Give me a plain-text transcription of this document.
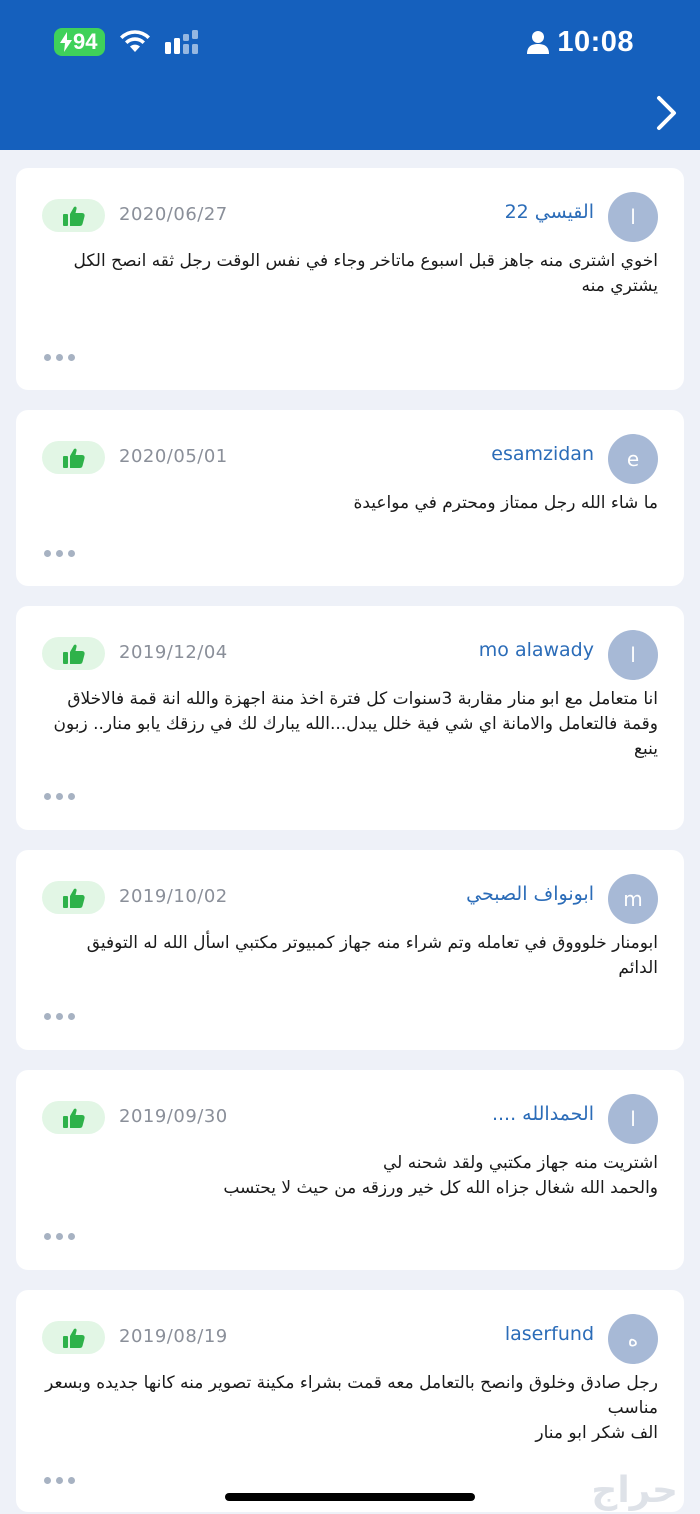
94	10:08
l
القيسي 22
2020/06/27
اخوي اشترى منه جاهز قبل اسبوع ماتاخر وجاء في نفس الوقت رجل ثقه انصح الكل يشتري منه
e
esamzidan
2020/05/01
ما شاء الله رجل ممتاز ومحترم في مواعيدة
l
mo alawady
2019/12/04
انا متعامل مع ابو منار مقاربة 3سنوات كل فترة اخذ منة اجهزة والله انة قمة فالاخلاق وقمة فالتعامل والامانة اي شي فية خلل يبدل...الله يبارك لك في رزقك يابو منار.. زبون ينبع
m
ابونواف الصبحي
2019/10/02
ابومنار خلوووق في تعامله وتم شراء منه جهاز كمبيوتر مكتبي اسأل الله له التوفيق الدائم
l
الحمدالله ....
2019/09/30
اشتريت منه جهاز مكتبي ولقد شحنه لي
والحمد الله شغال جزاه الله كل خير ورزقه من حيث لا يحتسب
ه
laserfund
2019/08/19
رجل صادق وخلوق وانصح بالتعامل معه قمت بشراء مكينة تصوير منه كانها جديده وبسعر مناسب
الف شكر ابو منار
حراج
